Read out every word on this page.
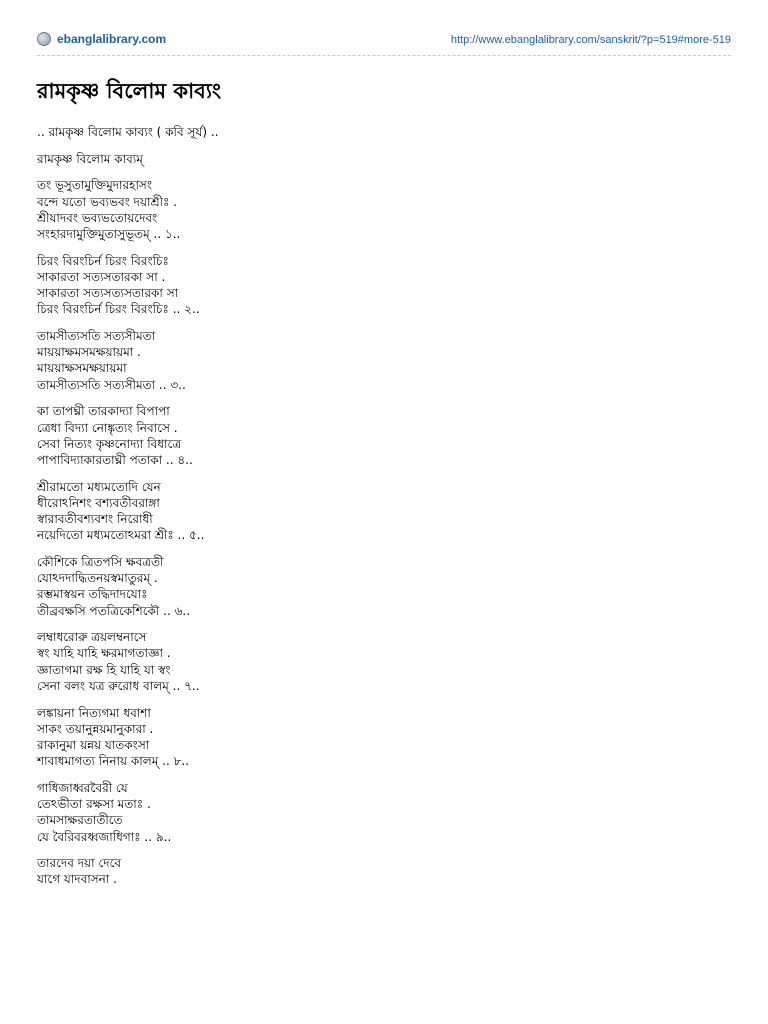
ebanglalibrary.com	http://www.ebanglalibrary.com/sanskrit/?p=519#more-519
রামকৃষ্ণ বিলোম কাব্যং
.. রামকৃষ্ণ বিলোম কাব্যং ( কবি সূর্য) ..
রামকৃষ্ণ বিলোম কাব্যম্
তং ভূসুতামুক্তিমুদারহাসং
বন্দে যতো ভব্যভবং দয়াশ্রীঃ .
শ্রীযাদবং ভব্যভতোয়দেবং
সংহারদামুক্তিমুতাসুভূতম্ .. ১..
চিরং বিরংচির্ন চিরং বিরংচিঃ
সাকারতা সত্যসতারকা সা .
সাকারতা সত্যসত্যসতারকা সা
চিরং বিরংচির্ন চিরং বিরংচিঃ .. ২..
তামসীত্যসতি সত্যসীমতা
মায়য়াক্ষমসমক্ষয়ায়মা .
মায়য়াক্ষসমক্ষয়ায়মা
তামসীত্যসতি সত্যসীমতা .. ৩..
কা তাপঘ্নী তারকাদ্যা বিপাপা
ত্রেধা বিদ্যা নোঙ্কৃত্যং নিবাসে .
সেবা নিত্যং কৃষ্ণনোদ্যা বিধাত্রে
পাপাবিদ্যাকারতাঘ্নী পতাকা .. ৪..
শ্রীরামতো মধ্যমতোদি যেন
ধীরোঽনিশং বশ্যবতীবরাঙ্গা
স্বারাবতীবশ্যবশং নিরোধী
নয়েদিতো মধ্যমতোঽমরা শ্রীঃ .. ৫..
কৌশিকে ত্রিতপসি ক্ষবত্রতী
যোঽদদাদ্ধিতনয়স্বমাতুরম্ .
রম্ভমাস্বয়ন তদ্ধিদাদযোঃ
তীব্রবক্ষসি পতত্রিকেশিকৌ .. ৬..
লম্বাধরোরু ত্রয়লম্বনাসে
স্বং যাহি যাহি ক্ষরমাগতাজ্ঞা .
জ্ঞাতাগমা রক্ষ হি যাহি যা স্বং
সেনা বলং যত্র রুরোধ বালম্ .. ৭..
লঙ্কায়না নিত্যগমা ধবাশা
সাকং তয়ানুন্নয়মানুকারা .
রাকানুমা য়ন্নয় যাতকংসা
শাবাধমাগত্য নিনায় কালম্ .. ৮..
গাধিজাধ্বরবৈরী যে
তেঽভীতা রক্ষসা মতাঃ .
তামসাক্ষরতাতীতে
যে বৈরিবরধ্বজাধিগাঃ .. ৯..
তারদেব দয়া দেবে
যাগে যাদবাসনা .
